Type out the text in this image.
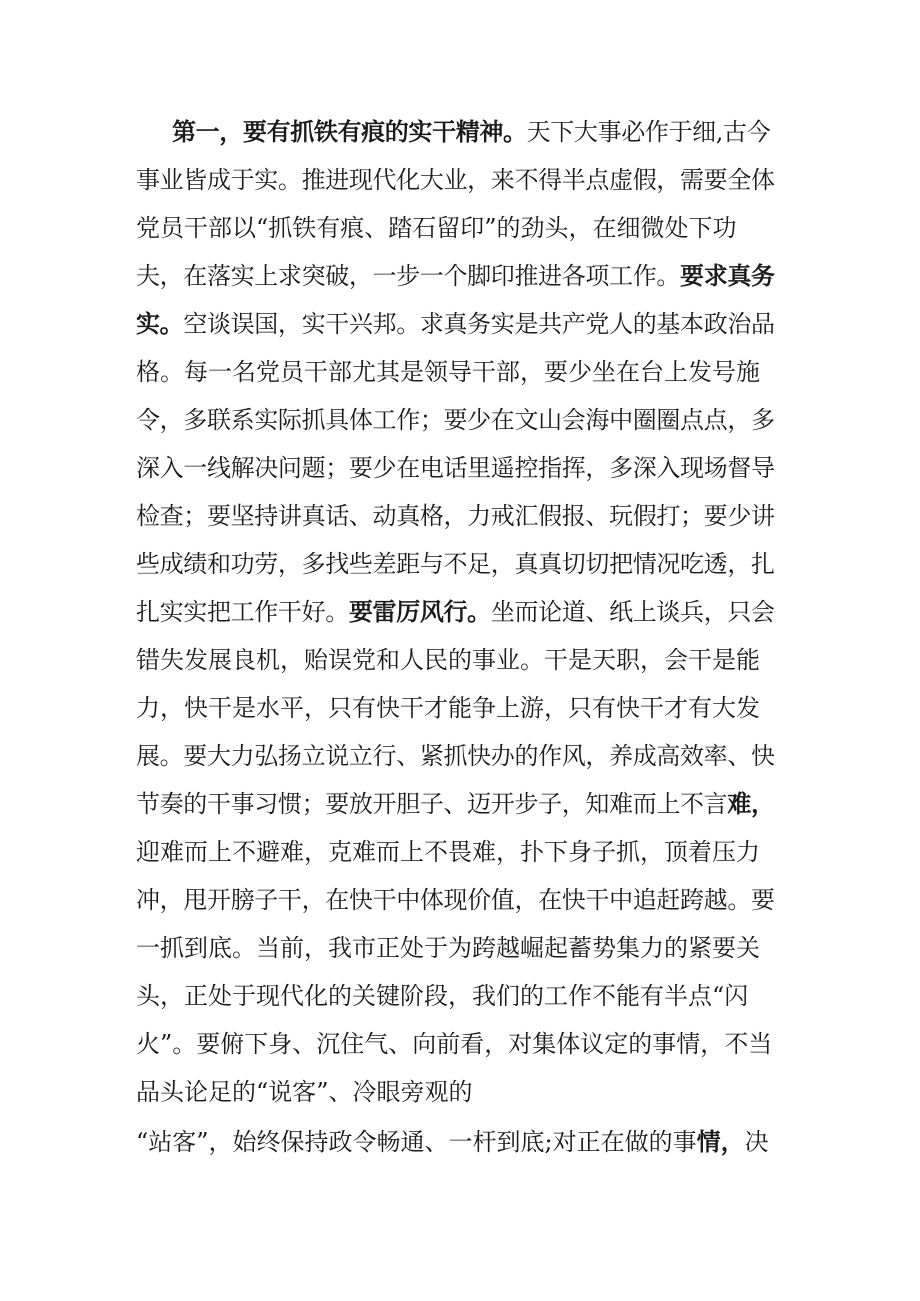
第一，要有抓铁有痕的实干精神。天下大事必作于细,古今
事业皆成于实。推进现代化大业，来不得半点虚假，需要全体
党员干部以“抓铁有痕、踏石留印”的劲头，在细微处下功
夫，在落实上求突破，一步一个脚印推进各项工作。要求真务
实。空谈误国，实干兴邦。求真务实是共产党人的基本政治品
格。每一名党员干部尤其是领导干部，要少坐在台上发号施
令，多联系实际抓具体工作；要少在文山会海中圈圈点点，多
深入一线解决问题；要少在电话里遥控指挥，多深入现场督导
检查；要坚持讲真话、动真格，力戒汇假报、玩假打；要少讲
些成绩和功劳，多找些差距与不足，真真切切把情况吃透，扎
扎实实把工作干好。要雷厉风行。坐而论道、纸上谈兵，只会
错失发展良机，贻误党和人民的事业。干是天职，会干是能
力，快干是水平，只有快干才能争上游，只有快干才有大发
展。要大力弘扬立说立行、紧抓快办的作风，养成高效率、快
节奏的干事习惯；要放开胆子、迈开步子，知难而上不言难，
迎难而上不避难，克难而上不畏难，扑下身子抓，顶着压力
冲，甩开膀子干，在快干中体现价值，在快干中追赶跨越。要
一抓到底。当前，我市正处于为跨越崛起蓄势集力的紧要关
头，正处于现代化的关键阶段，我们的工作不能有半点“闪
火”。要俯下身、沉住气、向前看，对集体议定的事情，不当
品头论足的“说客”、冷眼旁观的
“站客”，始终保持政令畅通、一杆到底;对正在做的事情，决
